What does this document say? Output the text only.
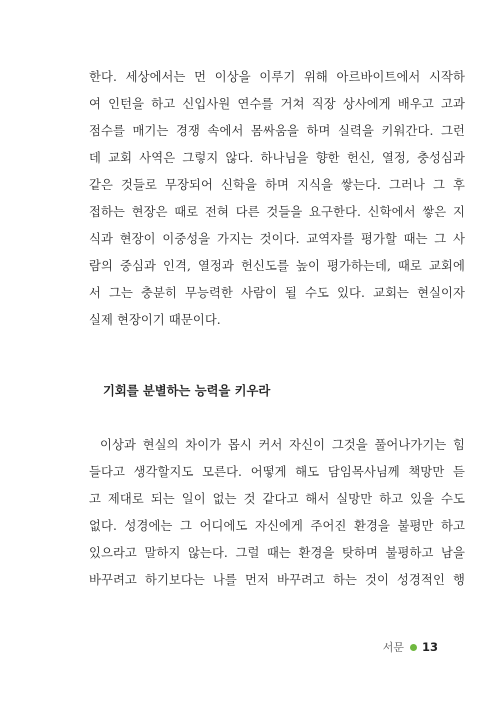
한다. 세상에서는 먼 이상을 이루기 위해 아르바이트에서 시작하
여 인턴을 하고 신입사원 연수를 거쳐 직장 상사에게 배우고 고과
점수를 매기는 경쟁 속에서 몸싸움을 하며 실력을 키워간다. 그런
데 교회 사역은 그렇지 않다. 하나님을 향한 헌신, 열정, 충성심과
같은 것들로 무장되어 신학을 하며 지식을 쌓는다. 그러나 그 후
접하는 현장은 때로 전혀 다른 것들을 요구한다. 신학에서 쌓은 지
식과 현장이 이중성을 가지는 것이다. 교역자를 평가할 때는 그 사
람의 중심과 인격, 열정과 헌신도를 높이 평가하는데, 때로 교회에
서 그는 충분히 무능력한 사람이 될 수도 있다. 교회는 현실이자
실제 현장이기 때문이다.
기회를 분별하는 능력을 키우라
이상과 현실의 차이가 몹시 커서 자신이 그것을 풀어나가기는 힘
들다고 생각할지도 모른다. 어떻게 해도 담임목사님께 책망만 듣
고 제대로 되는 일이 없는 것 같다고 해서 실망만 하고 있을 수도
없다. 성경에는 그 어디에도 자신에게 주어진 환경을 불평만 하고
있으라고 말하지 않는다. 그럴 때는 환경을 탓하며 불평하고 남을
바꾸려고 하기보다는 나를 먼저 바꾸려고 하는 것이 성경적인 행
서문 13
